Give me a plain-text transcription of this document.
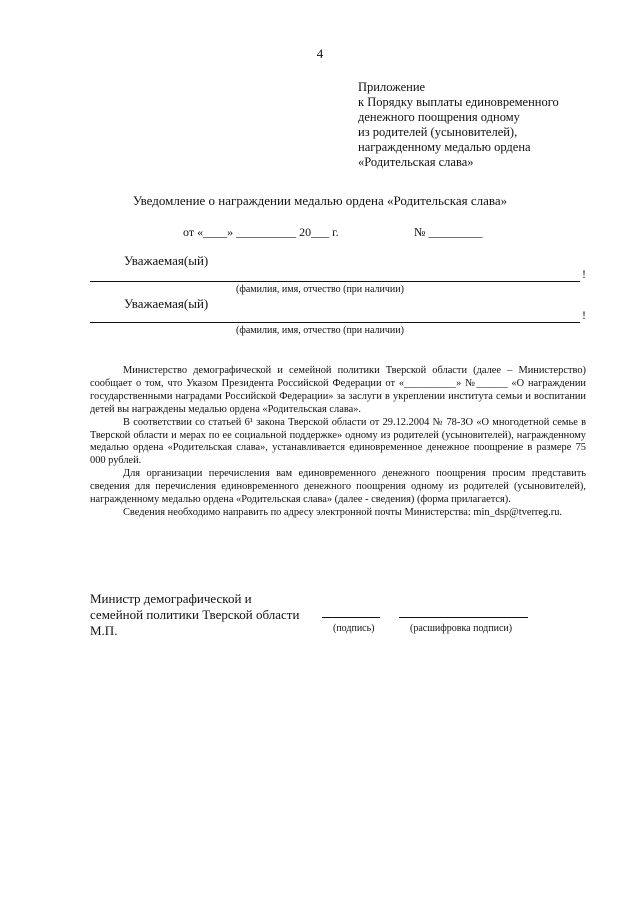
4
Приложение
к Порядку выплаты единовременного
денежного поощрения одному
из родителей (усыновителей),
награжденному медалью ордена
«Родительская слава»
Уведомление о награждении медалью ордена «Родительская слава»
от «____» __________ 20___ г.	№ _________
Уважаемая(ый)
!
(фамилия, имя, отчество (при наличии)
Уважаемая(ый)
!
(фамилия, имя, отчество (при наличии)

Министерство демографической и семейной политики Тверской области (далее – Министерство) сообщает о том, что Указом Президента Российской Федерации от «__________» №______ «О награждении государственными наградами Российской Федерации» за заслуги в укреплении института семьи и воспитании детей вы награждены медалью ордена «Родительская слава».

В соответствии со статьей 6¹ закона Тверской области от 29.12.2004 № 78-ЗО «О многодетной семье в Тверской области и мерах по ее социальной поддержке» одному из родителей (усыновителей), награжденному медалью ордена «Родительская слава», устанавливается единовременное денежное поощрение в размере 75 000 рублей.

Для организации перечисления вам единовременного денежного поощрения просим представить сведения для перечисления единовременного денежного поощрения одному из родителей (усыновителей), награжденному медалью ордена «Родительская слава» (далее - сведения) (форма прилагается).

Сведения необходимо направить по адресу электронной почты Министерства: min_dsp@tverreg.ru.

Министр демографической и
семейной политики Тверской области
М.П.	(подпись)	(расшифровка подписи)
